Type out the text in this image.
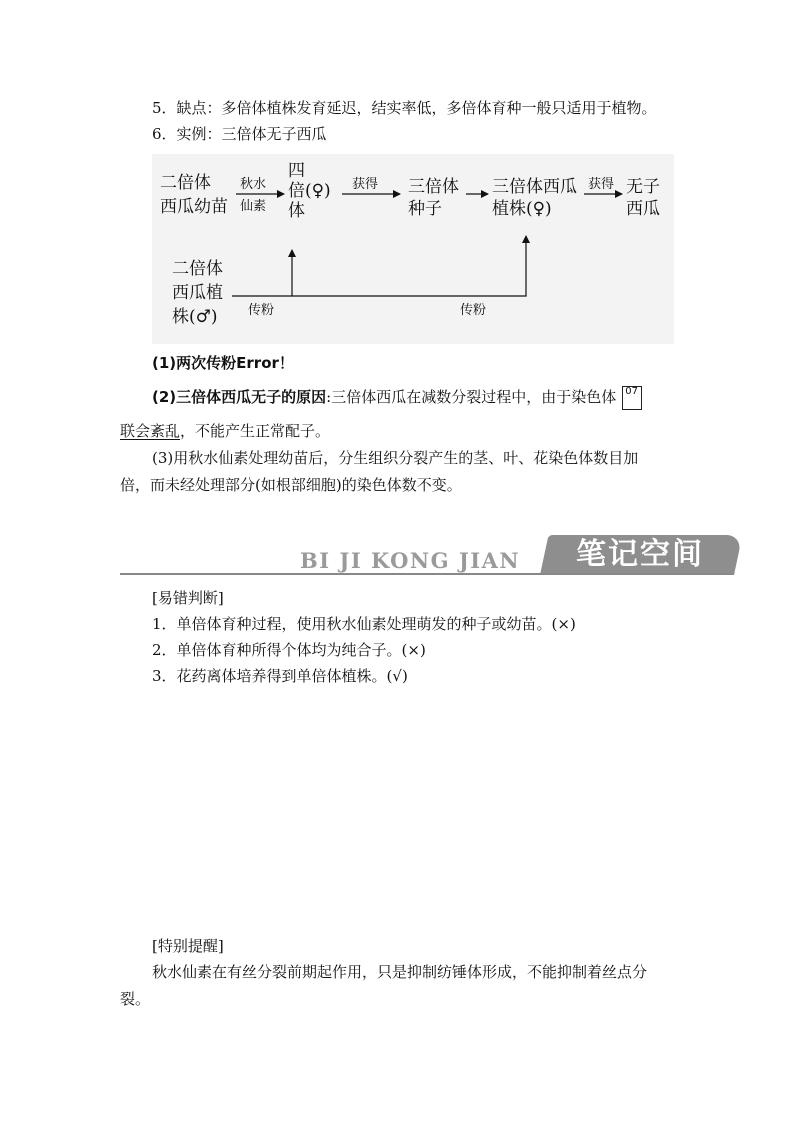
5．缺点：多倍体植株发育延迟，结实率低，多倍体育种一般只适用于植物。
6．实例：三倍体无子西瓜
二倍体
西瓜幼苗
秋水
仙素
四
倍(♀)
体
获得 三倍体
种子
三倍体西瓜
植株(♀)
获得 无子
西瓜
二倍体
西瓜植
株(♂) 传粉	传粉
(1)两次传粉Error！
(2)三倍体西瓜无子的原因:三倍体西瓜在减数分裂过程中，由于染色体 07
联会紊乱，不能产生正常配子。
(3)用秋水仙素处理幼苗后，分生组织分裂产生的茎、叶、花染色体数目加
倍，而未经处理部分(如根部细胞)的染色体数不变。
BI JI KONG JIAN	笔记空间
[易错判断]
1．单倍体育种过程，使用秋水仙素处理萌发的种子或幼苗。(×)
2．单倍体育种所得个体均为纯合子。(×)
3．花药离体培养得到单倍体植株。(√)
[特别提醒]
秋水仙素在有丝分裂前期起作用，只是抑制纺锤体形成，不能抑制着丝点分
裂。
